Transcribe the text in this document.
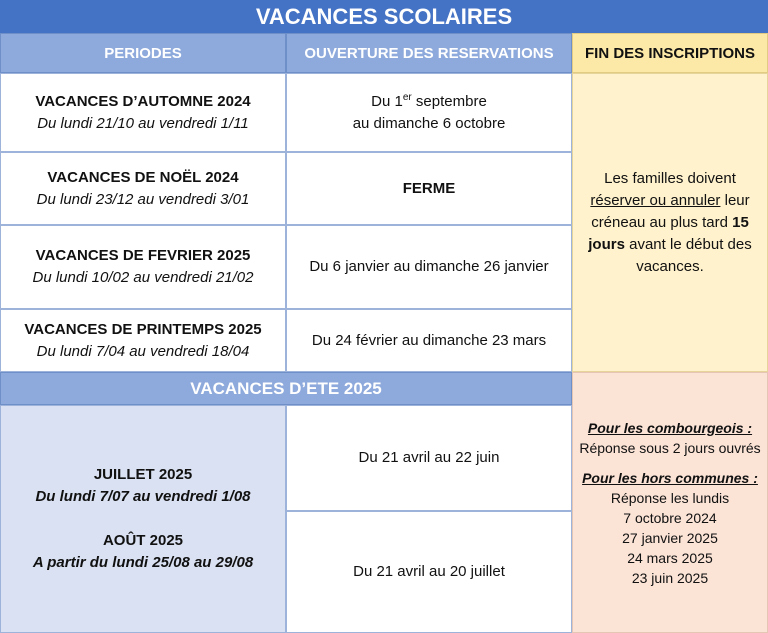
VACANCES SCOLAIRES
PERIODES	OUVERTURE DES RESERVATIONS FIN DES INSCRIPTIONS
VACANCES D’AUTOMNE 2024
Du lundi 21/10 au vendredi 1/11
Du 1er septembre
au dimanche 6 octobre
VACANCES DE NOËL 2024
Du lundi 23/12 au vendredi 3/01
FERME
VACANCES DE FEVRIER 2025
Du lundi 10/02 au vendredi 21/02
Du 6 janvier au dimanche 26 janvier
VACANCES DE PRINTEMPS 2025
Du lundi 7/04 au vendredi 18/04
Du 24 février au dimanche 23 mars
Les familles doivent réserver ou annuler leur créneau au plus tard 15 jours avant le début des vacances.
VACANCES D’ETE 2025
JUILLET 2025
Du lundi 7/07 au vendredi 1/08
AOÛT 2025
A partir du lundi 25/08 au 29/08
Du 21 avril au 22 juin
Du 21 avril au 20 juillet
Pour les combourgeois :
Réponse sous 2 jours ouvrés
Pour les hors communes :
Réponse les lundis
7 octobre 2024
27 janvier 2025
24 mars 2025
23 juin 2025
